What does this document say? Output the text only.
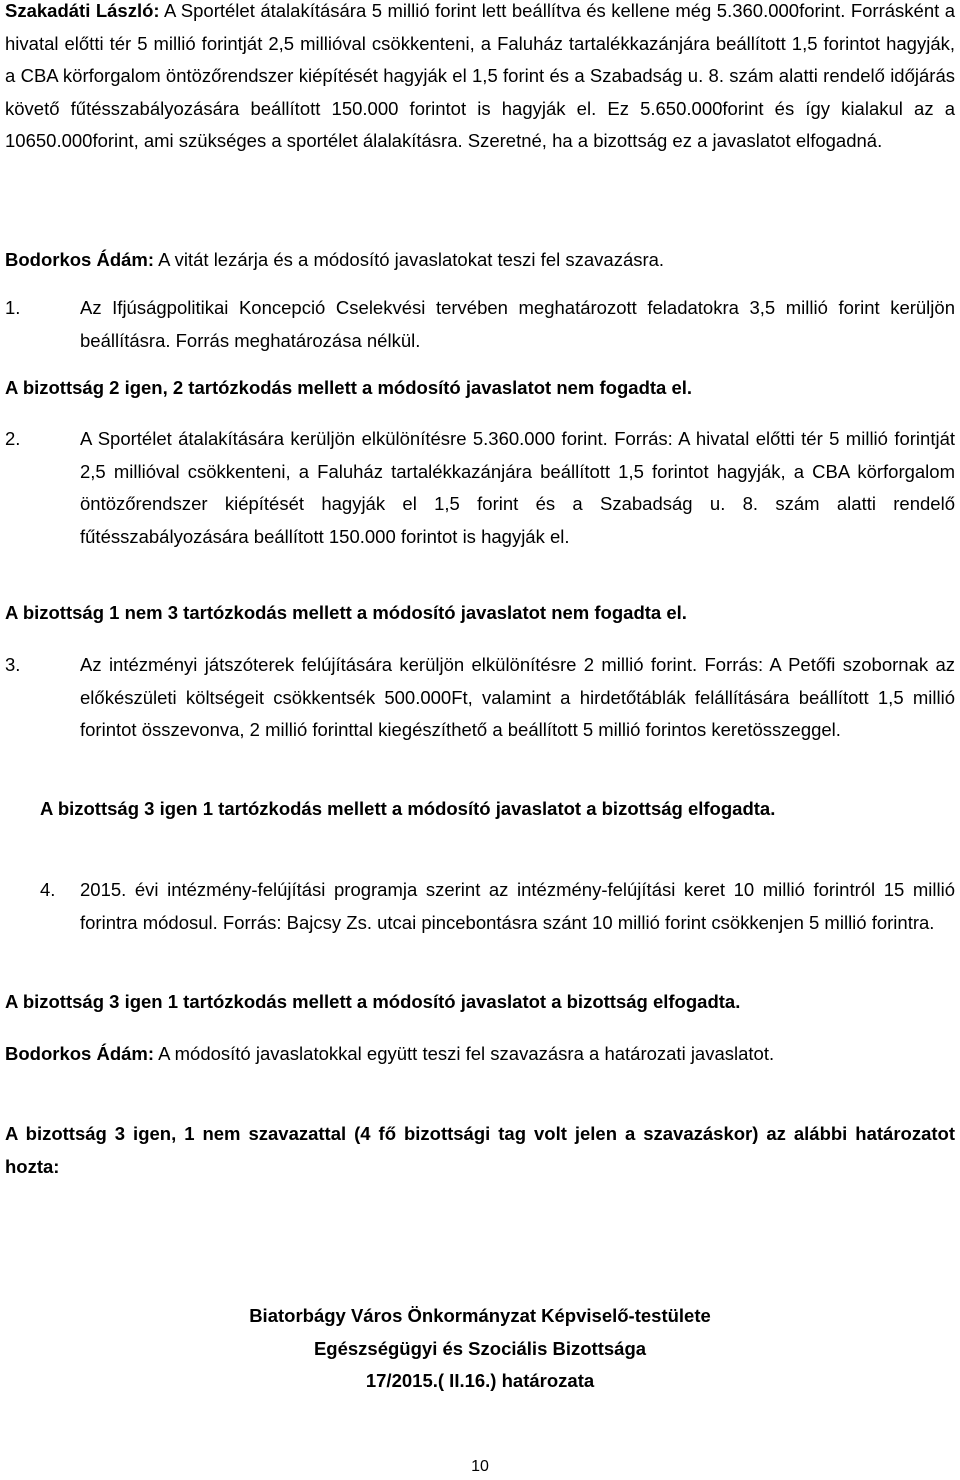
Szakadáti László: A Sportélet átalakítására 5 millió forint lett beállítva és kellene még 5.360.000forint. Forrásként a hivatal előtti tér 5 millió forintját 2,5 millióval csökkenteni, a Faluház tartalékkazánjára beállított 1,5 forintot hagyják, a CBA körforgalom öntözőrendszer kiépítését hagyják el 1,5 forint és a Szabadság u. 8. szám alatti rendelő időjárás követő fűtésszabályozására beállított 150.000 forintot is hagyják el. Ez 5.650.000forint és így kialakul az a 10650.000forint, ami szükséges a sportélet álalakításra. Szeretné, ha a bizottság ez a javaslatot elfogadná.

Bodorkos Ádám: A vitát lezárja és a módosító javaslatokat teszi fel szavazásra.

1.	Az Ifjúságpolitikai Koncepció Cselekvési tervében meghatározott feladatokra 3,5 millió forint kerüljön beállításra. Forrás meghatározása nélkül.

A bizottság 2 igen, 2 tartózkodás mellett a módosító javaslatot nem fogadta el.

2.	A Sportélet átalakítására kerüljön elkülönítésre 5.360.000 forint. Forrás: A hivatal előtti tér 5 millió forintját 2,5 millióval csökkenteni, a Faluház tartalékkazánjára beállított 1,5 forintot hagyják, a CBA körforgalom öntözőrendszer kiépítését hagyják el 1,5 forint és a Szabadság u. 8. szám alatti rendelő fűtésszabályozására beállított 150.000 forintot is hagyják el.

A bizottság 1 nem 3 tartózkodás mellett a módosító javaslatot nem fogadta el.

3.	Az intézményi játszóterek felújítására kerüljön elkülönítésre 2 millió forint. Forrás: A Petőfi szobornak az előkészületi költségeit csökkentsék 500.000Ft, valamint a hirdetőtáblák felállítására beállított 1,5 millió forintot összevonva, 2 millió forinttal kiegészíthető a beállított 5 millió forintos keretösszeggel.

A bizottság 3 igen 1 tartózkodás mellett a módosító javaslatot a bizottság elfogadta.

4.	2015. évi intézmény-felújítási programja szerint az intézmény-felújítási keret 10 millió forintról 15 millió forintra módosul. Forrás: Bajcsy Zs. utcai pincebontásra szánt 10 millió forint csökkenjen 5 millió forintra.

A bizottság 3 igen 1 tartózkodás mellett a módosító javaslatot a bizottság elfogadta.

Bodorkos Ádám: A módosító javaslatokkal együtt teszi fel szavazásra a határozati javaslatot.

A bizottság 3 igen, 1 nem szavazattal (4 fő bizottsági tag volt jelen a szavazáskor) az alábbi határozatot hozta:

Biatorbágy Város Önkormányzat Képviselő-testülete
Egészségügyi és Szociális Bizottsága
17/2015.( II.16.) határozata
10
